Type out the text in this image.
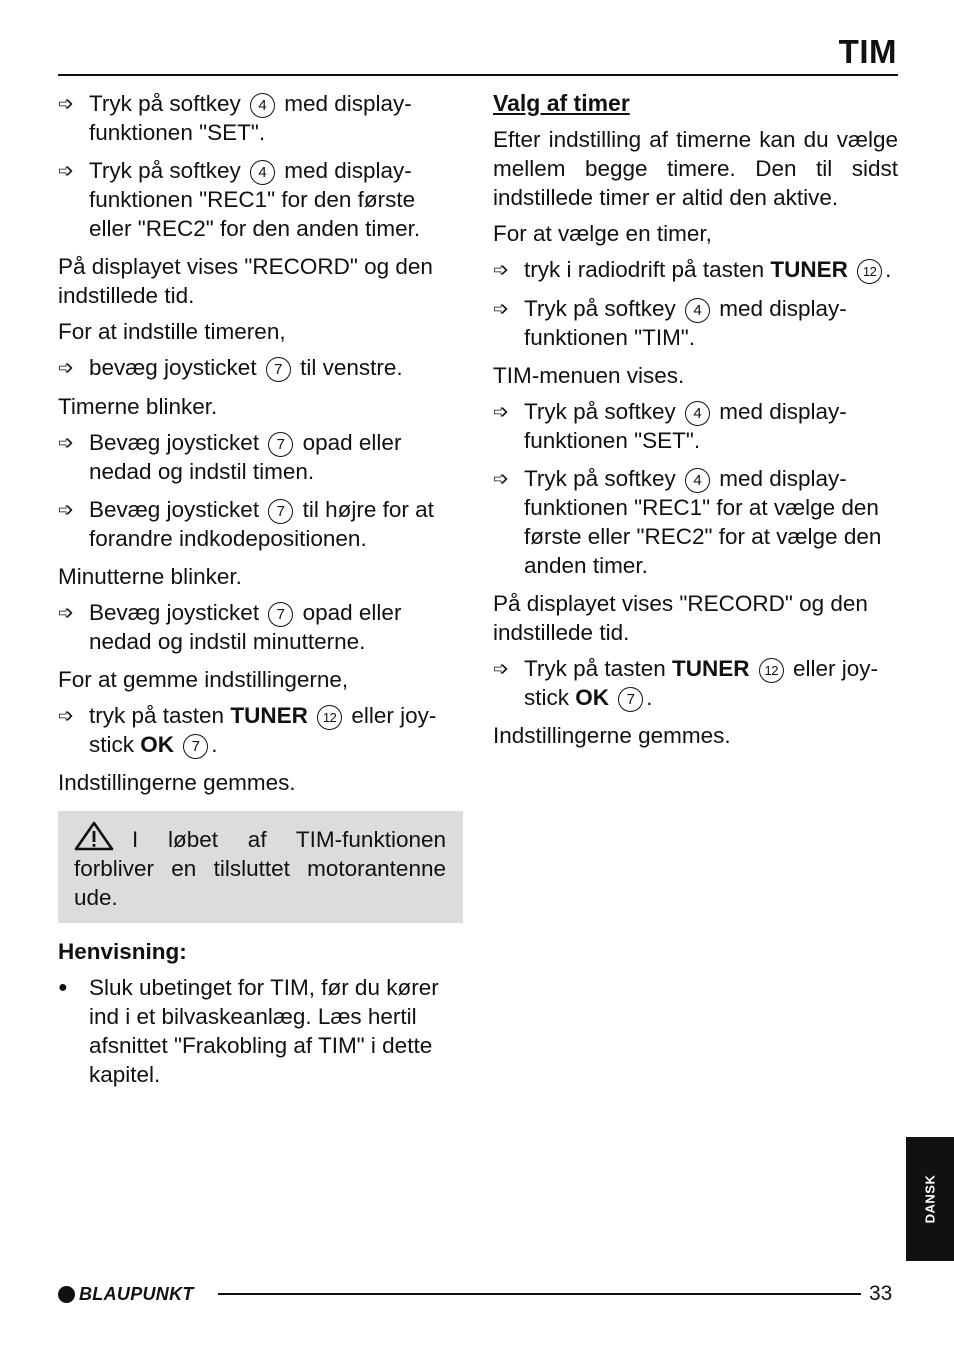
TIM
➩ Tryk på softkey 4 med display-funktionen "SET".
➩ Tryk på softkey 4 med display-funktionen "REC1" for den første eller "REC2" for den anden timer.

På displayet vises "RECORD" og den indstillede tid.

For at indstille timeren,

➩ bevæg joysticket 7 til venstre.

Timerne blinker.

➩ Bevæg joysticket 7 opad eller nedad og indstil timen.
➩ Bevæg joysticket 7 til højre for at forandre indkodepositionen.

Minutterne blinker.

➩ Bevæg joysticket 7 opad eller nedad og indstil minutterne.

For at gemme indstillingerne,

➩ tryk på tasten TUNER 12 eller joy-stick OK 7 .

Indstillingerne gemmes.

I løbet af TIM-funktionen forbliver en tilsluttet motorantenne ude.

Henvisning:

● Sluk ubetinget for TIM, før du kører ind i et bilvaskeanlæg. Læs hertil afsnittet "Frakobling af TIM" i dette kapitel.

Valg af timer

Efter indstilling af timerne kan du vælge mellem begge timere. Den til sidst indstillede timer er altid den aktive.

For at vælge en timer,

➩ tryk i radiodrift på tasten TUNER 12 .
➩ Tryk på softkey 4 med display-funktionen "TIM".

TIM-menuen vises.

➩ Tryk på softkey 4 med display-funktionen "SET".
➩ Tryk på softkey 4 med display-funktionen "REC1" for at vælge den første eller "REC2" for at vælge den anden timer.

På displayet vises "RECORD" og den indstillede tid.

➩ Tryk på tasten TUNER 12 eller joy-stick OK 7 .

Indstillingerne gemmes.

DANSK
BLAUPUNKT	33
